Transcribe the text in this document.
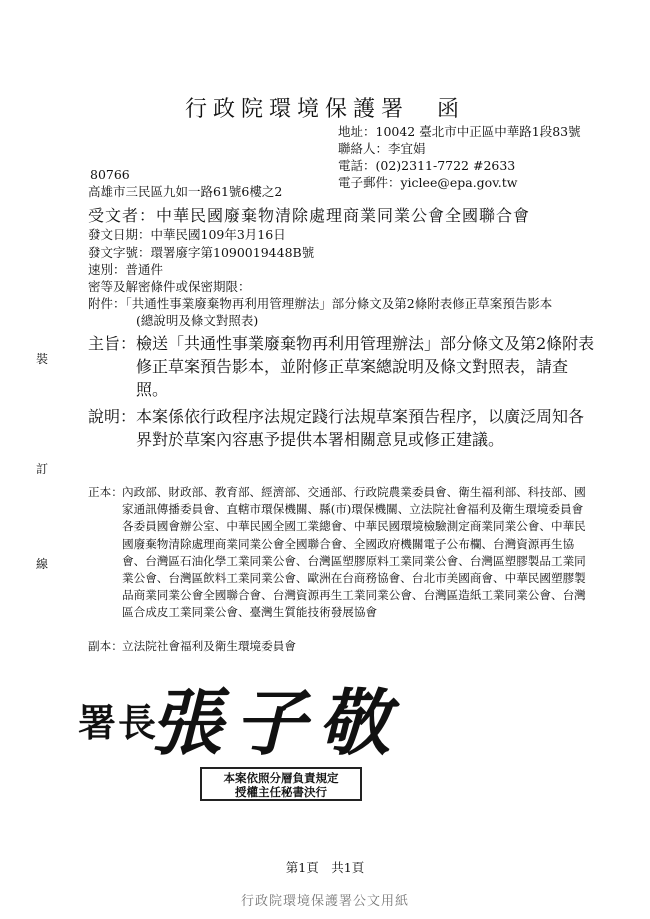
行政院環境保護署　函
地址：10042 臺北市中正區中華路1段83號
聯絡人：李宜娟
電話：(02)2311-7722 #2633
電子郵件：yiclee@epa.gov.tw
80766
高雄市三民區九如一路61號6樓之2
受文者：中華民國廢棄物清除處理商業同業公會全國聯合會
發文日期：中華民國109年3月16日
發文字號：環署廢字第1090019448B號
速別：普通件
密等及解密條件或保密期限：
附件：「共通性事業廢棄物再利用管理辦法」部分條文及第2條附表修正草案預告影本
(總說明及條文對照表)
主旨： 檢送「共通性事業廢棄物再利用管理辦法」部分條文及第2條附表修正草案預告影本，並附修正草案總說明及條文對照表，請查照。
說明： 本案係依行政程序法規定踐行法規草案預告程序，以廣泛周知各界對於草案內容惠予提供本署相關意見或修正建議。
正本： 內政部、財政部、教育部、經濟部、交通部、行政院農業委員會、衛生福利部、科技部、國家通訊傳播委員會、直轄市環保機關、縣(市)環保機關、立法院社會福利及衛生環境委員會各委員國會辦公室、中華民國全國工業總會、中華民國環境檢驗測定商業同業公會、中華民國廢棄物清除處理商業同業公會全國聯合會、全國政府機關電子公布欄、台灣資源再生協會、台灣區石油化學工業同業公會、台灣區塑膠原料工業同業公會、台灣區塑膠製品工業同業公會、台灣區飲料工業同業公會、歐洲在台商務協會、台北市美國商會、中華民國塑膠製品商業同業公會全國聯合會、台灣資源再生工業同業公會、台灣區造紙工業同業公會、台灣區合成皮工業同業公會、臺灣生質能技術發展協會
副本： 立法院社會福利及衛生環境委員會
裝
訂
線
署長
張子敬
本案依照分層負責規定
授權主任秘書決行
第1頁　共1頁
行政院環境保護署公文用紙
